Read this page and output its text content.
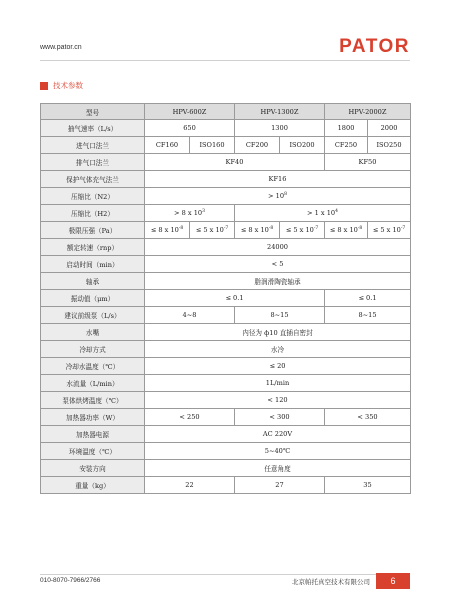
www.pator.cn	PATOR
技术参数
型号	HPV-600Z		HPV-1300Z		HPV-2000Z	
抽气速率（L/s）	650		1300		1800	2000
进气口法兰	CF160	ISO160	CF200	ISO200	CF250	ISO250
排气口法兰	KF40				KF50	
保护气体充气法兰	KF16					
压缩比（N2）	> $10^8$
压缩比（H2）	> 8 x $10^3$		> 1 x $10^4$
极限压强（Pa）	≤ 8 x $10^{-8}$	≤ 5 x $10^{-7}$	≤ 8 x $10^{-8}$	≤ 5 x $10^{-7}$	≤ 8 x $10^{-8}$	≤ 5 x $10^{-7}$
额定转速（rnp）	24000					
启动时间（min）	< 5					
轴承	脂润滑陶瓷轴承					
振动值（μm）	≤ 0.1				≤ 0.1	
建议前级泵（L/s）	4~8		8~15		8~15	
水嘴	内径为 ф10 直插自密封					
冷却方式	水冷					
冷却水温度（℃）	≤ 20					
水流量（L/min）	1L/min					
泵体烘烤温度（℃）	< 120					
加热器功率（W）	< 250		< 300		< 350	
加热器电源	AC 220V					
环境温度（℃）	5~40℃					
安装方向	任意角度					
重量（kg）	22		27		35	
010-8070-7966/2766	北京帕托真空技术有限公司	6
